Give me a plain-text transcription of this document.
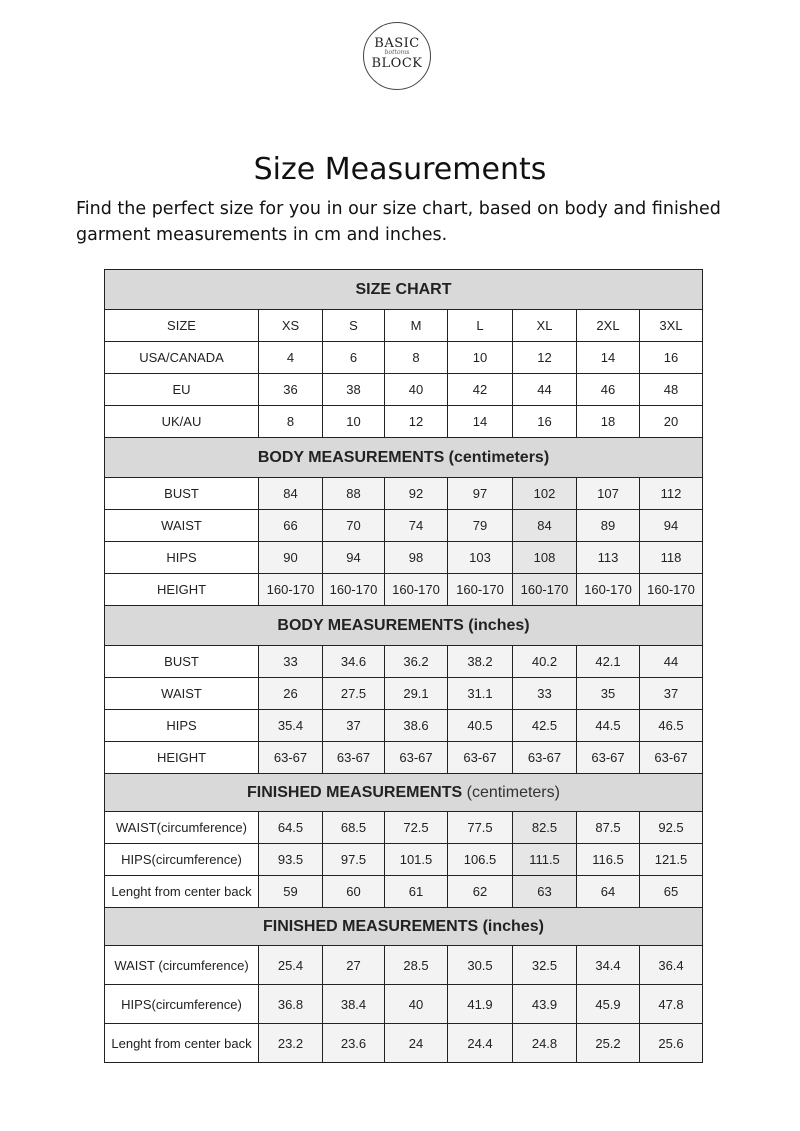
BASIC
bottoms
BLOCK
Size Measurements
Find the perfect size for you in our size chart, based on body and finished garment measurements in cm and inches.
SIZE CHART							
SIZE	XS	S	M	L	XL	2XL	3XL
USA/CANADA	4	6	8	10	12	14	16
EU	36	38	40	42	44	46	48
UK/AU	8	10	12	14	16	18	20
BODY MEASUREMENTS (centimeters)							
BUST	84	88	92	97	102	107	112
WAIST	66	70	74	79	84	89	94
HIPS	90	94	98	103	108	113	118
HEIGHT	160-170	160-170	160-170	160-170	160-170	160-170	160-170
BODY MEASUREMENTS (inches)							
BUST	33	34.6	36.2	38.2	40.2	42.1	44
WAIST	26	27.5	29.1	31.1	33	35	37
HIPS	35.4	37	38.6	40.5	42.5	44.5	46.5
HEIGHT	63-67	63-67	63-67	63-67	63-67	63-67	63-67
FINISHED MEASUREMENTS (centimeters)							
WAIST(circumference)	64.5	68.5	72.5	77.5	82.5	87.5	92.5
HIPS(circumference)	93.5	97.5	101.5	106.5	111.5	116.5	121.5
Lenght from center back	59	60	61	62	63	64	65
FINISHED MEASUREMENTS (inches)							
WAIST (circumference)	25.4	27	28.5	30.5	32.5	34.4	36.4
HIPS(circumference)	36.8	38.4	40	41.9	43.9	45.9	47.8
Lenght from center back	23.2	23.6	24	24.4	24.8	25.2	25.6
